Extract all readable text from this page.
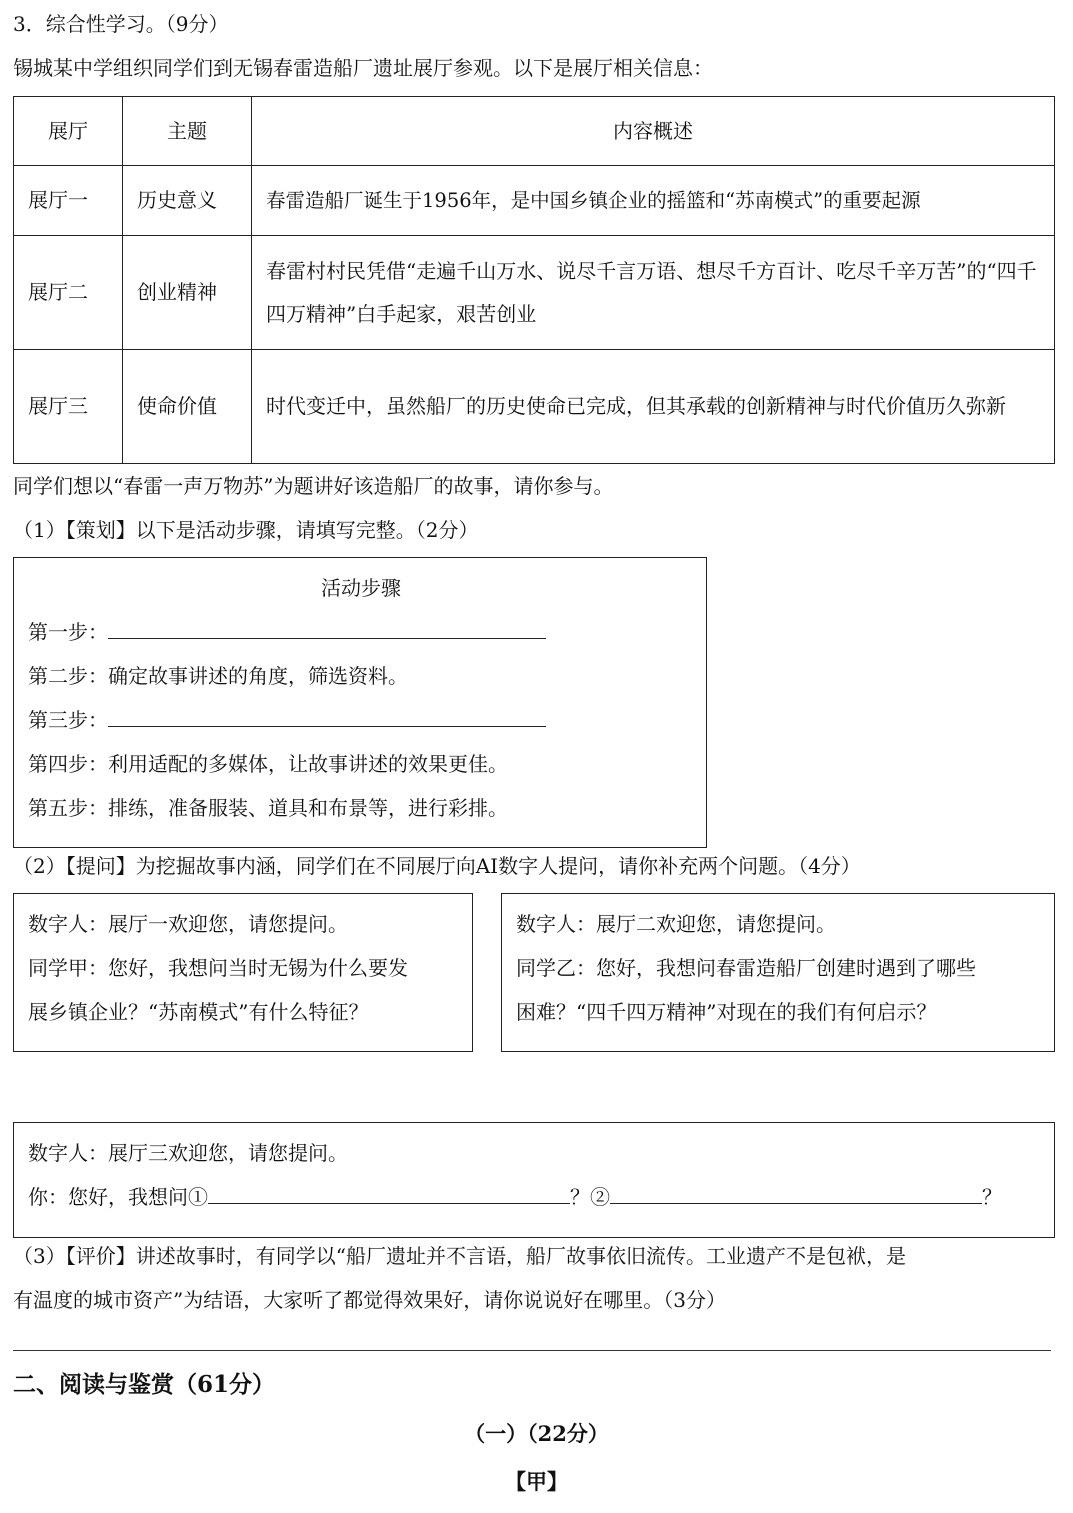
3．综合性学习。（9分）
锡城某中学组织同学们到无锡春雷造船厂遗址展厅参观。以下是展厅相关信息：
展厅	主题	内容概述
展厅一	历史意义	春雷造船厂诞生于1956年，是中国乡镇企业的摇篮和“苏南模式”的重要起源
展厅二	创业精神	春雷村村民凭借“走遍千山万水、说尽千言万语、想尽千方百计、吃尽千辛万苦”的“四千四万精神”白手起家，艰苦创业
展厅三	使命价值	时代变迁中，虽然船厂的历史使命已完成，但其承载的创新精神与时代价值历久弥新
同学们想以“春雷一声万物苏”为题讲好该造船厂的故事，请你参与。
（1）【策划】以下是活动步骤，请填写完整。（2分）
活动步骤
第一步：
第二步：确定故事讲述的角度，筛选资料。
第三步：
第四步：利用适配的多媒体，让故事讲述的效果更佳。
第五步：排练，准备服装、道具和布景等，进行彩排。
（2）【提问】为挖掘故事内涵，同学们在不同展厅向AI数字人提问，请你补充两个问题。（4分）
数字人：展厅一欢迎您，请您提问。
同学甲：您好，我想问当时无锡为什么要发
展乡镇企业？“苏南模式”有什么特征？
数字人：展厅二欢迎您，请您提问。
同学乙：您好，我想问春雷造船厂创建时遇到了哪些
困难？“四千四万精神”对现在的我们有何启示？
数字人：展厅三欢迎您，请您提问。
你：您好，我想问①	？②	？
（3）【评价】讲述故事时，有同学以“船厂遗址并不言语，船厂故事依旧流传。工业遗产不是包袱，是
有温度的城市资产”为结语，大家听了都觉得效果好，请你说说好在哪里。（3分）
二、阅读与鉴赏（61分）
（一）（22分）
【甲】
